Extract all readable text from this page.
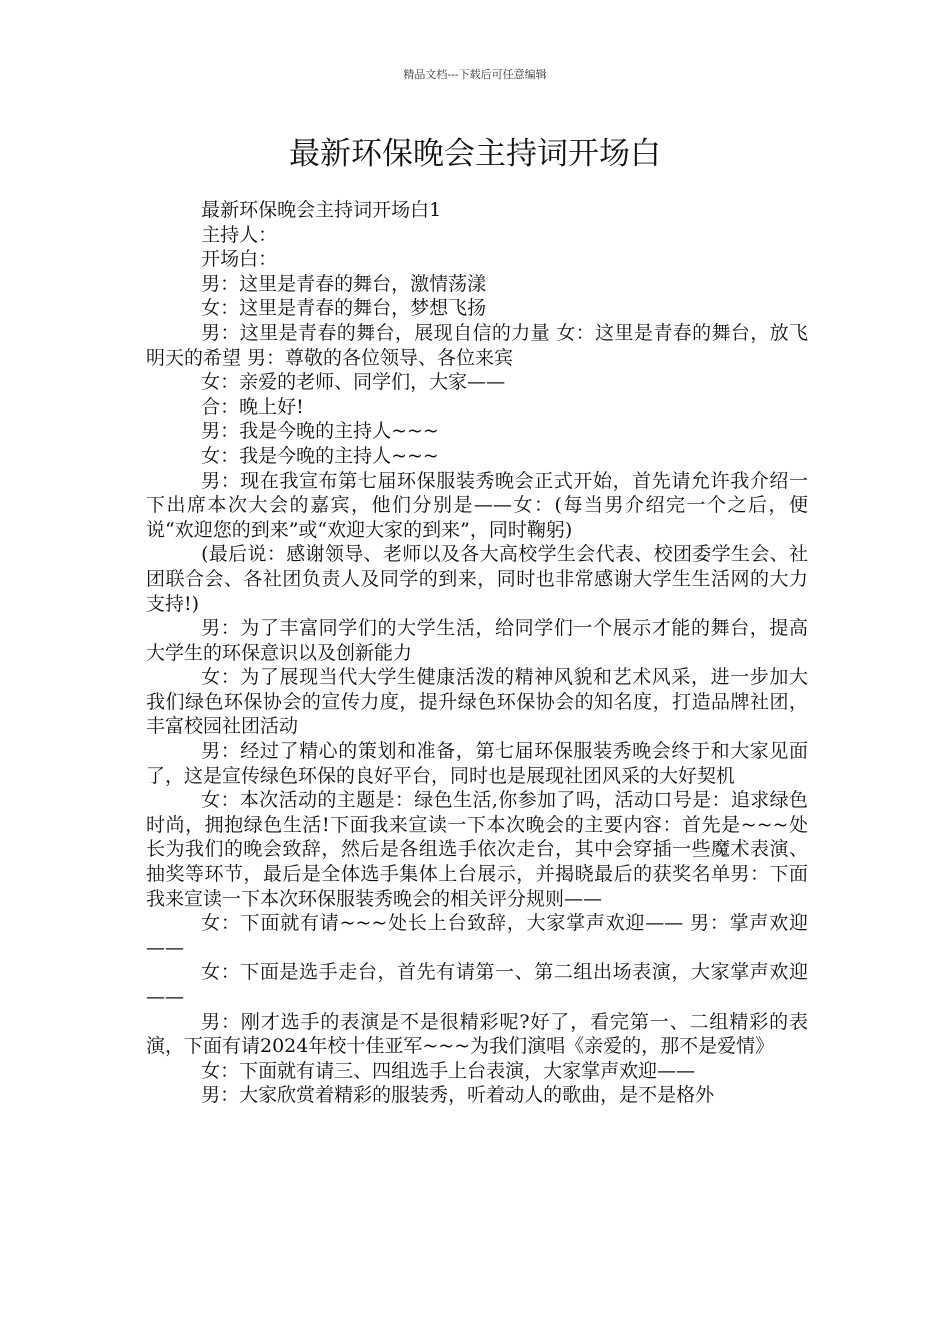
精品文档---下载后可任意编辑
最新环保晚会主持词开场白

最新环保晚会主持词开场白1

主持人：

开场白：

男：这里是青春的舞台，激情荡漾

女：这里是青春的舞台，梦想飞扬

男：这里是青春的舞台，展现自信的力量 女：这里是青春的舞台，放飞明天的希望 男：尊敬的各位领导、各位来宾

女：亲爱的老师、同学们，大家——

合：晚上好!

男：我是今晚的主持人~~~

女：我是今晚的主持人~~~

男：现在我宣布第七届环保服装秀晚会正式开始，首先请允许我介绍一下出席本次大会的嘉宾，他们分别是——女：(每当男介绍完一个之后，便说“欢迎您的到来”或“欢迎大家的到来”，同时鞠躬)

(最后说：感谢领导、老师以及各大高校学生会代表、校团委学生会、社团联合会、各社团负责人及同学的到来，同时也非常感谢大学生生活网的大力支持!)

男：为了丰富同学们的大学生活，给同学们一个展示才能的舞台，提高大学生的环保意识以及创新能力

女：为了展现当代大学生健康活泼的精神风貌和艺术风采，进一步加大我们绿色环保协会的宣传力度，提升绿色环保协会的知名度，打造品牌社团，丰富校园社团活动

男：经过了精心的策划和准备，第七届环保服装秀晚会终于和大家见面了，这是宣传绿色环保的良好平台，同时也是展现社团风采的大好契机

女：本次活动的主题是：绿色生活,你参加了吗，活动口号是：追求绿色时尚，拥抱绿色生活!下面我来宣读一下本次晚会的主要内容：首先是~~~处长为我们的晚会致辞，然后是各组选手依次走台，其中会穿插一些魔术表演、抽奖等环节，最后是全体选手集体上台展示，并揭晓最后的获奖名单男：下面我来宣读一下本次环保服装秀晚会的相关评分规则——

女：下面就有请~~~处长上台致辞，大家掌声欢迎—— 男：掌声欢迎——

女：下面是选手走台，首先有请第一、第二组出场表演，大家掌声欢迎——

男：刚才选手的表演是不是很精彩呢?好了，看完第一、二组精彩的表演，下面有请2024年校十佳亚军~~~为我们演唱《亲爱的，那不是爱情》

女：下面就有请三、四组选手上台表演，大家掌声欢迎——

男：大家欣赏着精彩的服装秀，听着动人的歌曲，是不是格外
